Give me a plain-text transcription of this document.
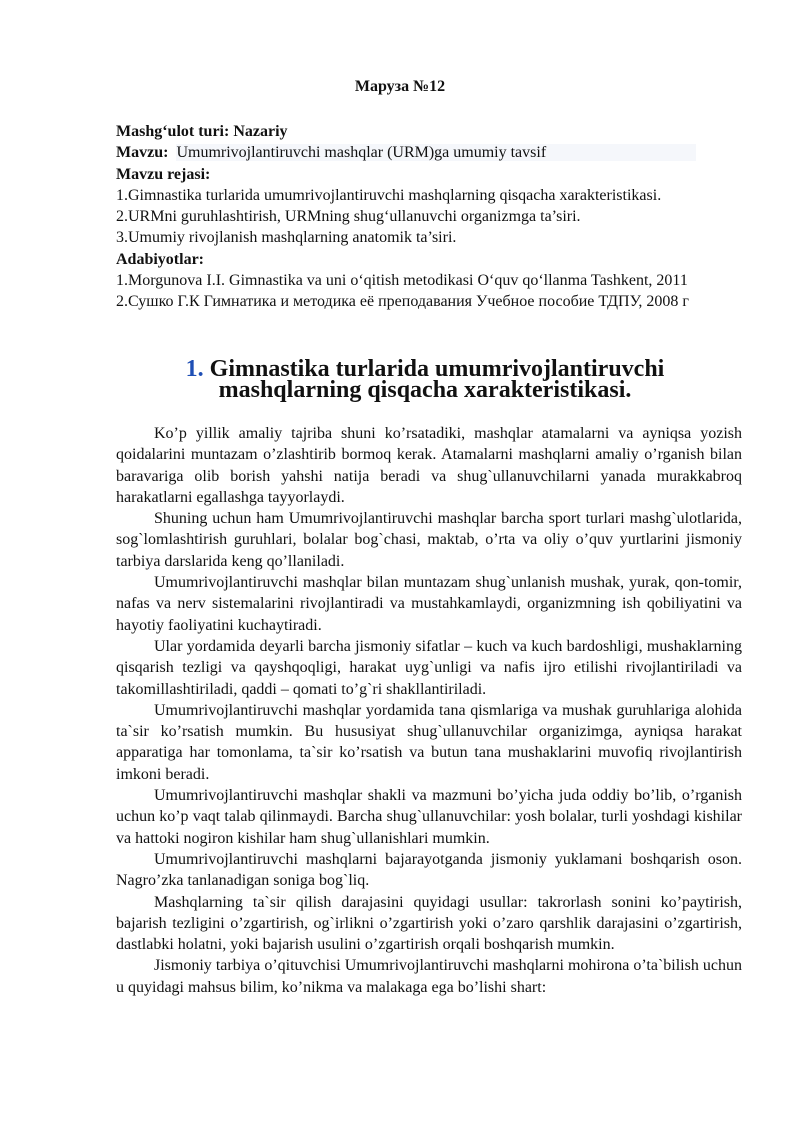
Маруза №12

Mashg‘ulot turi: Nazariy

Mavzu: Umumrivojlantiruvchi mashqlar (URM)ga umumiy tavsif

Mavzu rejasi:

1.Gimnastika turlarida umumrivojlantiruvchi mashqlarning qisqacha xarakteristikasi.

2.URMni guruhlashtirish, URMning shug‘ullanuvchi organizmga ta’siri.

3.Umumiy rivojlanish mashqlarning anatomik ta’siri.

Adabiyotlar:

1.Morgunova I.I. Gimnastika va uni o‘qitish metodikasi O‘quv qo‘llanma Tashkent, 2011

2.Сушко Г.К Гимнатика и методика её преподавания Учебное пособие ТДПУ, 2008 г

1. Gimnastika turlarida umumrivojlantiruvchi mashqlarning qisqacha xarakteristikasi.

Ko’p yillik amaliy tajriba shuni ko’rsatadiki, mashqlar atamalarni va ayniqsa yozish qoidalarini muntazam o’zlashtirib bormoq kerak. Atamalarni mashqlarni amaliy o’rganish bilan baravariga olib borish yahshi natija beradi va shug`ullanuvchilarni yanada murakkabroq harakatlarni egallashga tayyorlaydi.

Shuning uchun ham Umumrivojlantiruvchi mashqlar barcha sport turlari mashg`ulotlarida, sog`lomlashtirish guruhlari, bolalar bog`chasi, maktab, o’rta va oliy o’quv yurtlarini jismoniy tarbiya darslarida keng qo’llaniladi.

Umumrivojlantiruvchi mashqlar bilan muntazam shug`unlanish mushak, yurak, qon-tomir, nafas va nerv sistemalarini rivojlantiradi va mustahkamlaydi, organizmning ish qobiliyatini va hayotiy faoliyatini kuchaytiradi.

Ular yordamida deyarli barcha jismoniy sifatlar – kuch va kuch bardoshligi, mushaklarning qisqarish tezligi va qayshqoqligi, harakat uyg`unligi va nafis ijro etilishi rivojlantiriladi va takomillashtiriladi, qaddi – qomati to’g`ri shakllantiriladi.

Umumrivojlantiruvchi mashqlar yordamida tana qismlariga va mushak guruhlariga alohida ta`sir ko’rsatish mumkin. Bu hususiyat shug`ullanuvchilar organizimga, ayniqsa harakat apparatiga har tomonlama, ta`sir ko’rsatish va butun tana mushaklarini muvofiq rivojlantirish imkoni beradi.

Umumrivojlantiruvchi mashqlar shakli va mazmuni bo’yicha juda oddiy bo’lib, o’rganish uchun ko’p vaqt talab qilinmaydi. Barcha shug`ullanuvchilar: yosh bolalar, turli yoshdagi kishilar va hattoki nogiron kishilar ham shug`ullanishlari mumkin.

Umumrivojlantiruvchi mashqlarni bajarayotganda jismoniy yuklamani boshqarish oson. Nagro’zka tanlanadigan soniga bog`liq.

Mashqlarning ta`sir qilish darajasini quyidagi usullar: takrorlash sonini ko’paytirish, bajarish tezligini o’zgartirish, og`irlikni o’zgartirish yoki o’zaro qarshlik darajasini o’zgartirish, dastlabki holatni, yoki bajarish usulini o’zgartirish orqali boshqarish mumkin.

Jismoniy tarbiya o’qituvchisi Umumrivojlantiruvchi mashqlarni mohirona o’ta`bilish uchun u quyidagi mahsus bilim, ko’nikma va malakaga ega bo’lishi shart:
